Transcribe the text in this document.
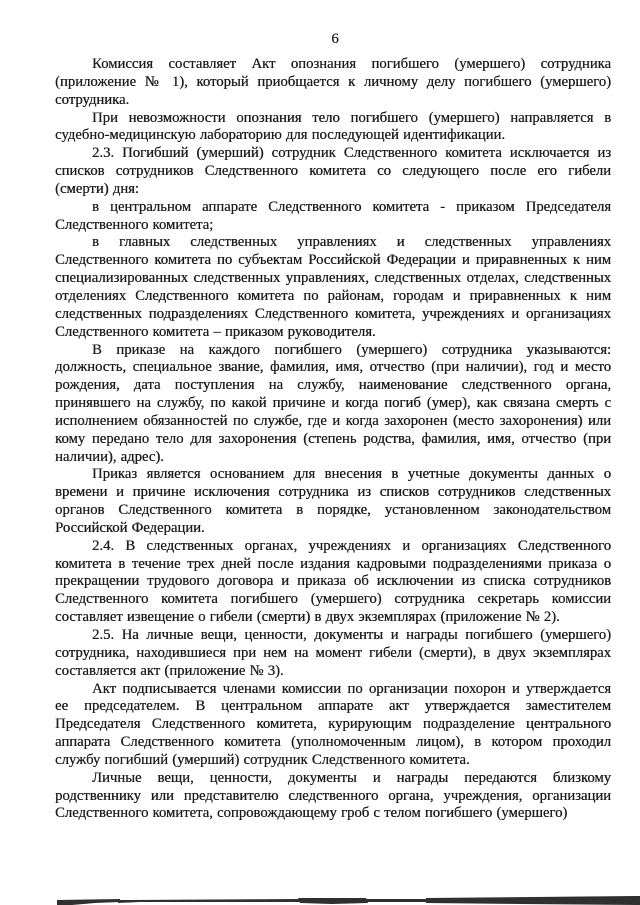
6

Комиссия составляет Акт опознания погибшего (умершего) сотрудника (приложение № 1), который приобщается к личному делу погибшего (умершего) сотрудника.

При невозможности опознания тело погибшего (умершего) направляется в судебно-медицинскую лабораторию для последующей идентификации.

2.3. Погибший (умерший) сотрудник Следственного комитета исключается из списков сотрудников Следственного комитета со следующего после его гибели (смерти) дня:

в центральном аппарате Следственного комитета - приказом Председателя Следственного комитета;

в главных следственных управлениях и следственных управлениях Следственного комитета по субъектам Российской Федерации и приравненных к ним специализированных следственных управлениях, следственных отделах, следственных отделениях Следственного комитета по районам, городам и приравненных к ним следственных подразделениях Следственного комитета, учреждениях и организациях Следственного комитета – приказом руководителя.

В приказе на каждого погибшего (умершего) сотрудника указываются: должность, специальное звание, фамилия, имя, отчество (при наличии), год и место рождения, дата поступления на службу, наименование следственного органа, принявшего на службу, по какой причине и когда погиб (умер), как связана смерть с исполнением обязанностей по службе, где и когда захоронен (место захоронения) или кому передано тело для захоронения (степень родства, фамилия, имя, отчество (при наличии), адрес).

Приказ является основанием для внесения в учетные документы данных о времени и причине исключения сотрудника из списков сотрудников следственных органов Следственного комитета в порядке, установленном законодательством Российской Федерации.

2.4. В следственных органах, учреждениях и организациях Следственного комитета в течение трех дней после издания кадровыми подразделениями приказа о прекращении трудового договора и приказа об исключении из списка сотрудников Следственного комитета погибшего (умершего) сотрудника секретарь комиссии составляет извещение о гибели (смерти) в двух экземплярах (приложение № 2).

2.5. На личные вещи, ценности, документы и награды погибшего (умершего) сотрудника, находившиеся при нем на момент гибели (смерти), в двух экземплярах составляется акт (приложение № 3).

Акт подписывается членами комиссии по организации похорон и утверждается ее председателем. В центральном аппарате акт утверждается заместителем Председателя Следственного комитета, курирующим подразделение центрального аппарата Следственного комитета (уполномоченным лицом), в котором проходил службу погибший (умерший) сотрудник Следственного комитета.

Личные вещи, ценности, документы и награды передаются близкому родственнику или представителю следственного органа, учреждения, организации Следственного комитета, сопровождающему гроб с телом погибшего (умершего)
